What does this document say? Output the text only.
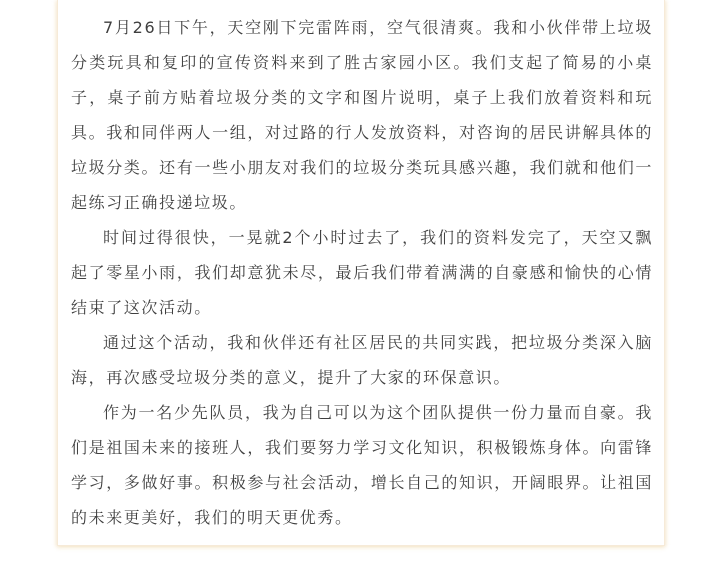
7月26日下午，天空刚下完雷阵雨，空气很清爽。我和小伙伴带上垃圾分类玩具和复印的宣传资料来到了胜古家园小区。我们支起了简易的小桌子，桌子前方贴着垃圾分类的文字和图片说明，桌子上我们放着资料和玩具。我和同伴两人一组，对过路的行人发放资料，对咨询的居民讲解具体的垃圾分类。还有一些小朋友对我们的垃圾分类玩具感兴趣，我们就和他们一起练习正确投递垃圾。

时间过得很快，一晃就2个小时过去了，我们的资料发完了，天空又飘起了零星小雨，我们却意犹未尽，最后我们带着满满的自豪感和愉快的心情结束了这次活动。

通过这个活动，我和伙伴还有社区居民的共同实践，把垃圾分类深入脑海，再次感受垃圾分类的意义，提升了大家的环保意识。

作为一名少先队员，我为自己可以为这个团队提供一份力量而自豪。我们是祖国未来的接班人，我们要努力学习文化知识，积极锻炼身体。向雷锋学习，多做好事。积极参与社会活动，增长自己的知识，开阔眼界。让祖国的未来更美好，我们的明天更优秀。
